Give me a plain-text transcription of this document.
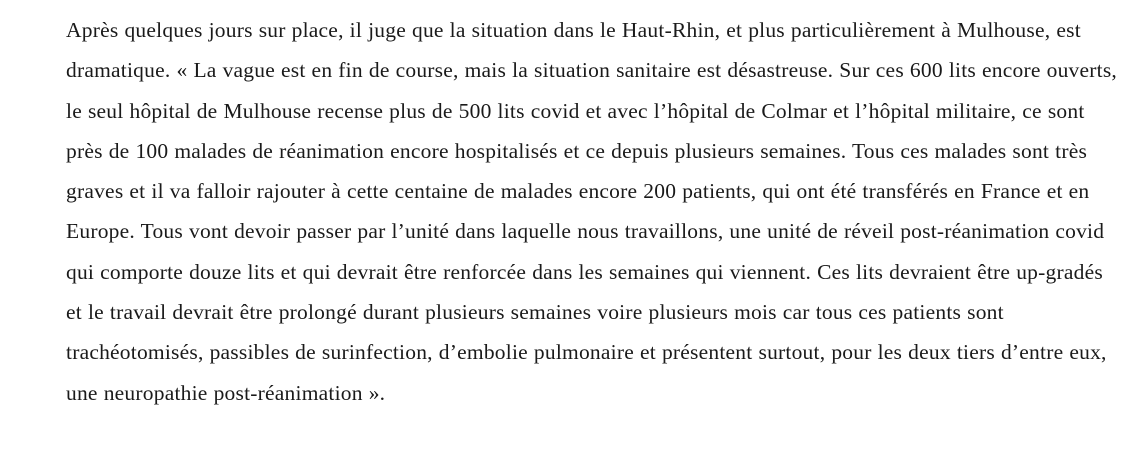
Après quelques jours sur place, il juge que la situation dans le Haut-Rhin, et plus particulièrement à Mulhouse, est dramatique. « La vague est en fin de course, mais la situation sanitaire est désastreuse. Sur ces 600 lits encore ouverts, le seul hôpital de Mulhouse recense plus de 500 lits covid et avec l’hôpital de Colmar et l’hôpital militaire, ce sont près de 100 malades de réanimation encore hospitalisés et ce depuis plusieurs semaines. Tous ces malades sont très graves et il va falloir rajouter à cette centaine de malades encore 200 patients, qui ont été transférés en France et en Europe. Tous vont devoir passer par l’unité dans laquelle nous travaillons, une unité de réveil post-réanimation covid qui comporte douze lits et qui devrait être renforcée dans les semaines qui viennent. Ces lits devraient être up-gradés et le travail devrait être prolongé durant plusieurs semaines voire plusieurs mois car tous ces patients sont trachéotomisés, passibles de surinfection, d’embolie pulmonaire et présentent surtout, pour les deux tiers d’entre eux, une neuropathie post-réanimation ».
